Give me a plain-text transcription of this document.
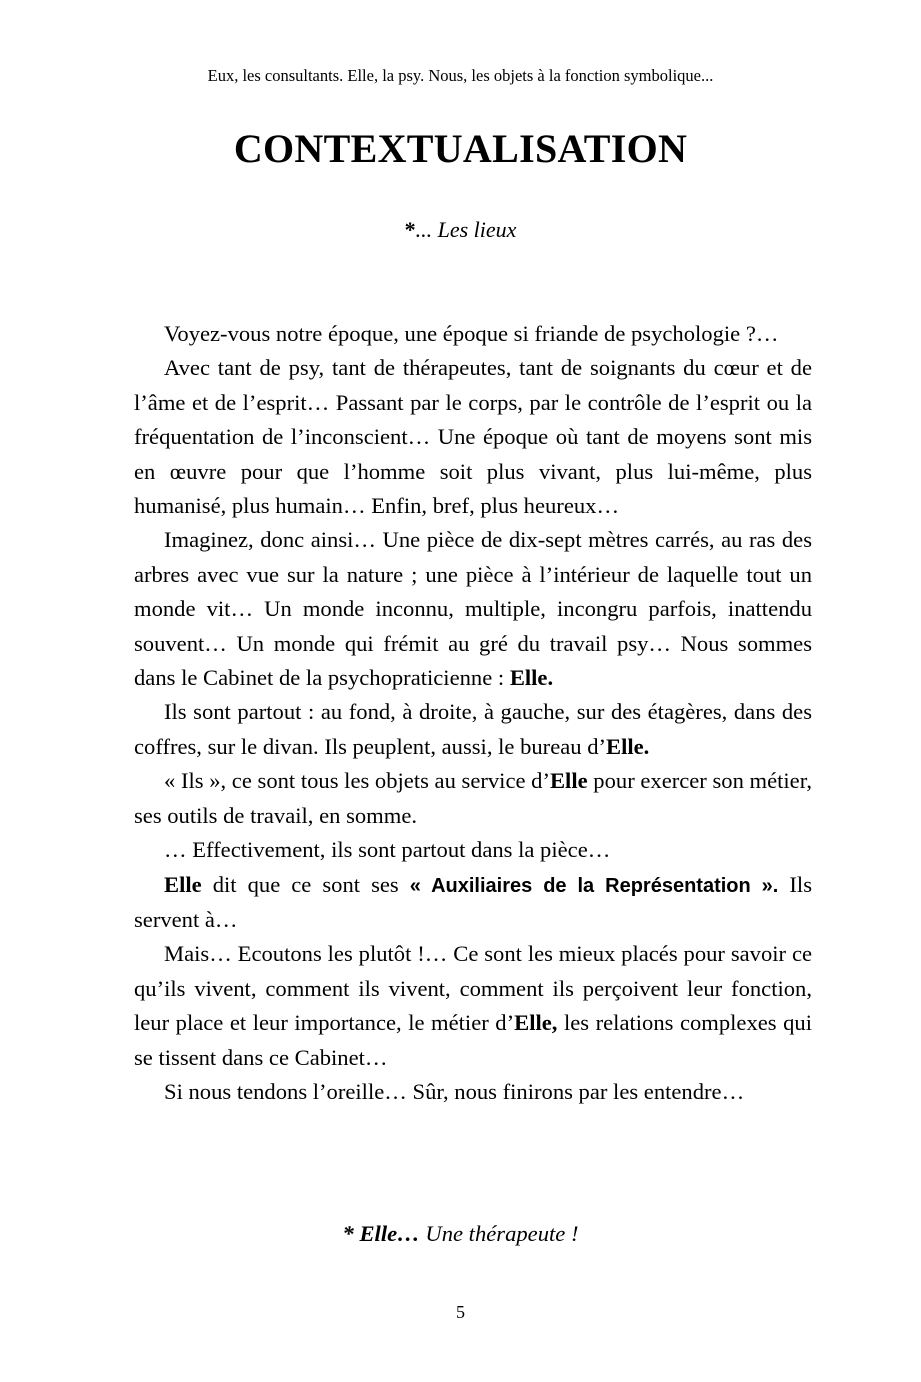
Eux, les consultants. Elle, la psy. Nous, les objets à la fonction symbolique...
CONTEXTUALISATION
*... Les lieux

Voyez-vous notre époque, une époque si friande de psychologie ?…

Avec tant de psy, tant de thérapeutes, tant de soignants du cœur et de l’âme et de l’esprit… Passant par le corps, par le contrôle de l’esprit ou la fréquentation de l’inconscient… Une époque où tant de moyens sont mis en œuvre pour que l’homme soit plus vivant, plus lui-même, plus humanisé, plus humain… Enfin, bref, plus heureux…

Imaginez, donc ainsi… Une pièce de dix-sept mètres carrés, au ras des arbres avec vue sur la nature ; une pièce à l’intérieur de laquelle tout un monde vit… Un monde inconnu, multiple, incongru parfois, inattendu souvent… Un monde qui frémit au gré du travail psy… Nous sommes dans le Cabinet de la psychopraticienne : Elle.

Ils sont partout : au fond, à droite, à gauche, sur des étagères, dans des coffres, sur le divan. Ils peuplent, aussi, le bureau d’Elle.

« Ils », ce sont tous les objets au service d’Elle pour exercer son métier, ses outils de travail, en somme.

… Effectivement, ils sont partout dans la pièce…

Elle dit que ce sont ses « Auxiliaires de la Représentation ». Ils servent à…

Mais… Ecoutons les plutôt !… Ce sont les mieux placés pour savoir ce qu’ils vivent, comment ils vivent, comment ils perçoivent leur fonction, leur place et leur importance, le métier d’Elle, les relations complexes qui se tissent dans ce Cabinet…

Si nous tendons l’oreille… Sûr, nous finirons par les entendre…

* Elle… Une thérapeute !
5
